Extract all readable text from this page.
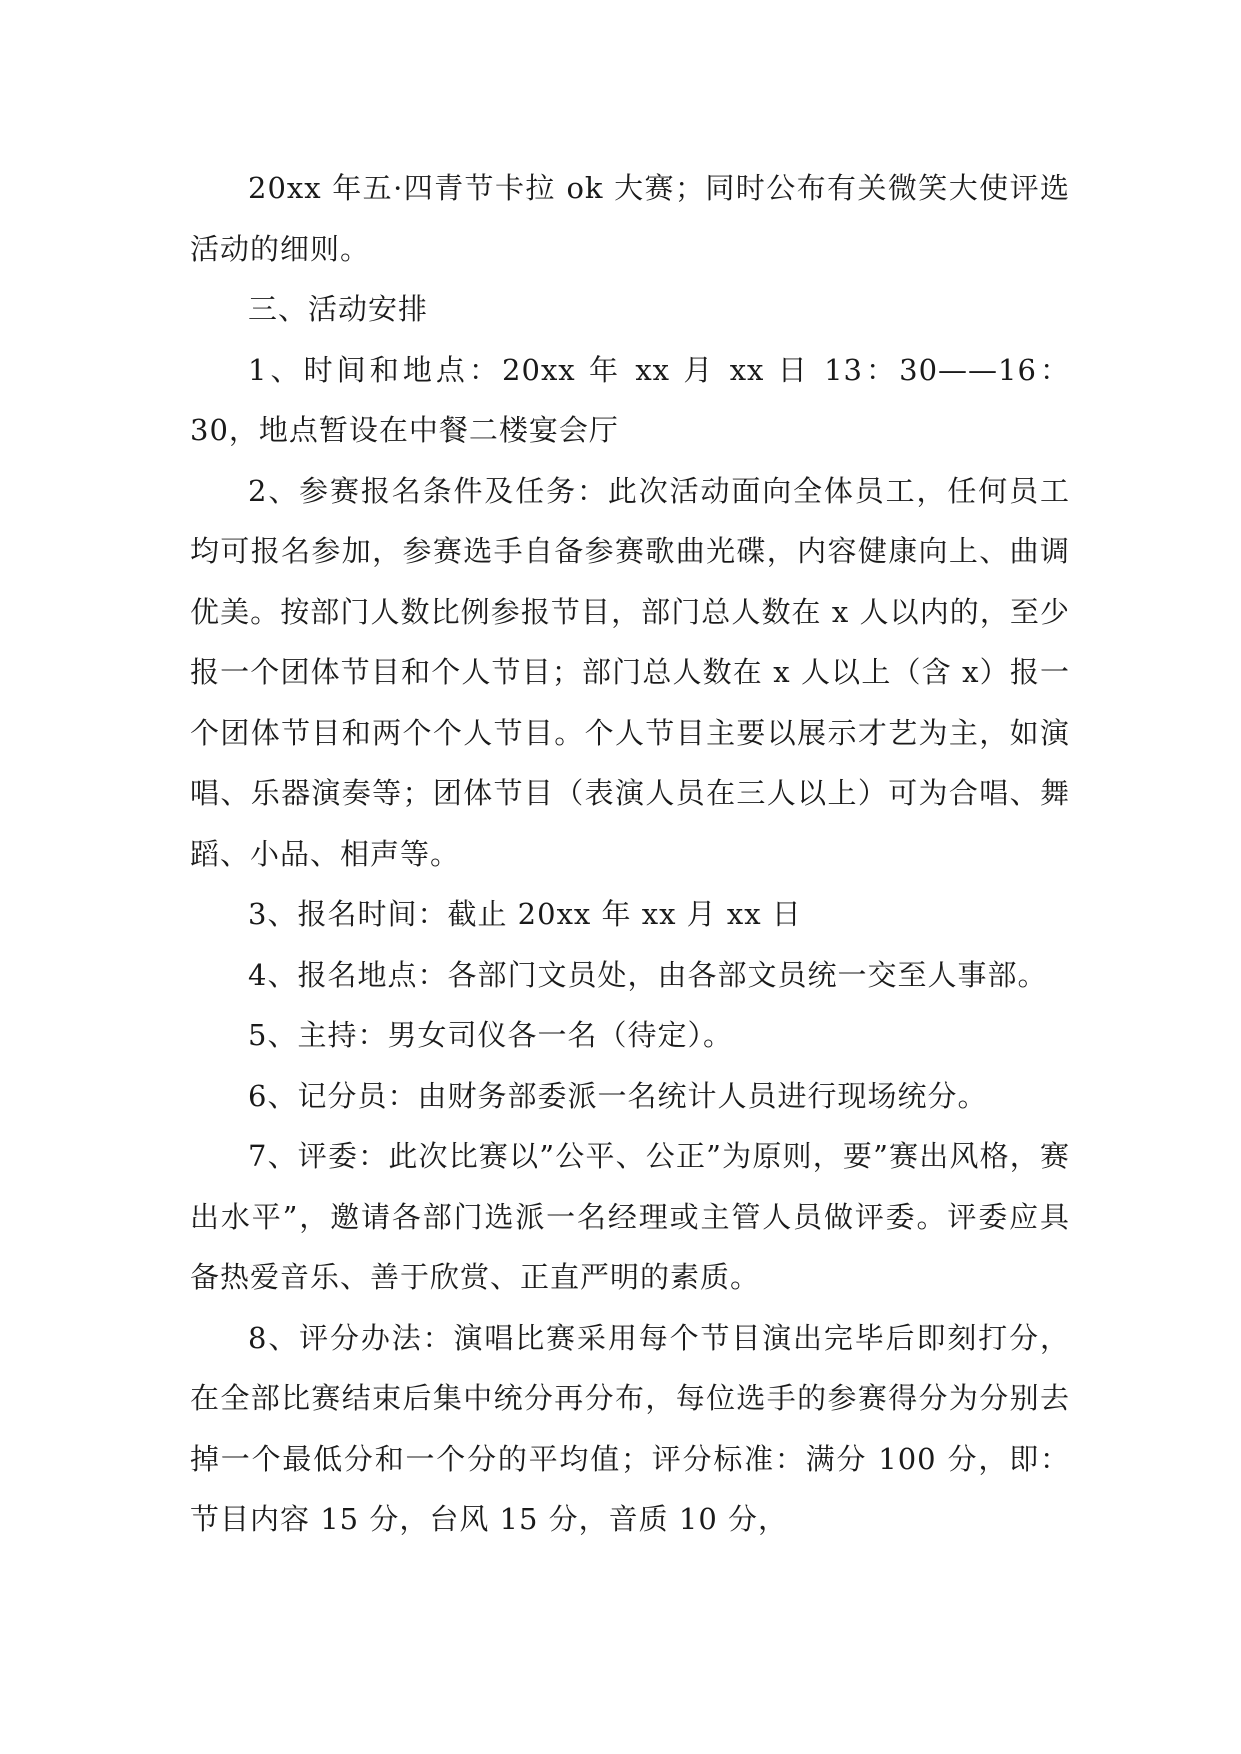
20xx 年五·四青节卡拉 ok 大赛；同时公布有关微笑大使评选活动的细则。

三、活动安排

1、时间和地点：20xx 年 xx 月 xx 日 13：30——16：30，地点暂设在中餐二楼宴会厅

2、参赛报名条件及任务：此次活动面向全体员工，任何员工均可报名参加，参赛选手自备参赛歌曲光碟，内容健康向上、曲调优美。按部门人数比例参报节目，部门总人数在 x 人以内的，至少报一个团体节目和个人节目；部门总人数在 x 人以上（含 x）报一个团体节目和两个个人节目。个人节目主要以展示才艺为主，如演唱、乐器演奏等；团体节目（表演人员在三人以上）可为合唱、舞蹈、小品、相声等。

3、报名时间：截止 20xx 年 xx 月 xx 日

4、报名地点：各部门文员处，由各部文员统一交至人事部。

5、主持：男女司仪各一名（待定）。

6、记分员：由财务部委派一名统计人员进行现场统分。

7、评委：此次比赛以”公平、公正”为原则，要”赛出风格，赛出水平”，邀请各部门选派一名经理或主管人员做评委。评委应具备热爱音乐、善于欣赏、正直严明的素质。

8、评分办法：演唱比赛采用每个节目演出完毕后即刻打分，在全部比赛结束后集中统分再分布，每位选手的参赛得分为分别去掉一个最低分和一个分的平均值；评分标准：满分 100 分，即：节目内容 15 分，台风 15 分，音质 10 分，
